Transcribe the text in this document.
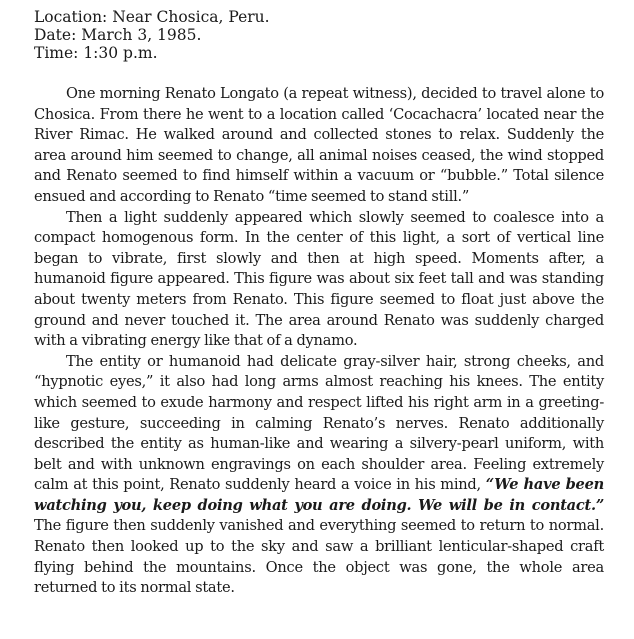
Location: Near Chosica, Peru.
Date: March 3, 1985.
Time: 1:30 p.m.

One morning Renato Longato (a repeat witness), decided to travel alone to Chosica. From there he went to a location called ‘Cocachacra’ located near the River Rimac. He walked around and collected stones to relax. Suddenly the area around him seemed to change, all animal noises ceased, the wind stopped and Renato seemed to find himself within a vacuum or “bubble.” Total silence ensued and according to Renato “time seemed to stand still.”

Then a light suddenly appeared which slowly seemed to coalesce into a compact homogenous form. In the center of this light, a sort of vertical line began to vibrate, first slowly and then at high speed. Moments after, a humanoid figure appeared. This figure was about six feet tall and was standing about twenty meters from Renato. This figure seemed to float just above the ground and never touched it. The area around Renato was suddenly charged with a vibrating energy like that of a dynamo.

The entity or humanoid had delicate gray-silver hair, strong cheeks, and “hypnotic eyes,” it also had long arms almost reaching his knees. The entity which seemed to exude harmony and respect lifted his right arm in a greeting-like gesture, succeeding in calming Renato’s nerves. Renato additionally described the entity as human-like and wearing a silvery-pearl uniform, with belt and with unknown engravings on each shoulder area. Feeling extremely calm at this point, Renato suddenly heard a voice in his mind, “We have been watching you, keep doing what you are doing. We will be in contact.” The figure then suddenly vanished and everything seemed to return to normal. Renato then looked up to the sky and saw a brilliant lenticular-shaped craft flying behind the mountains. Once the object was gone, the whole area returned to its normal state.
